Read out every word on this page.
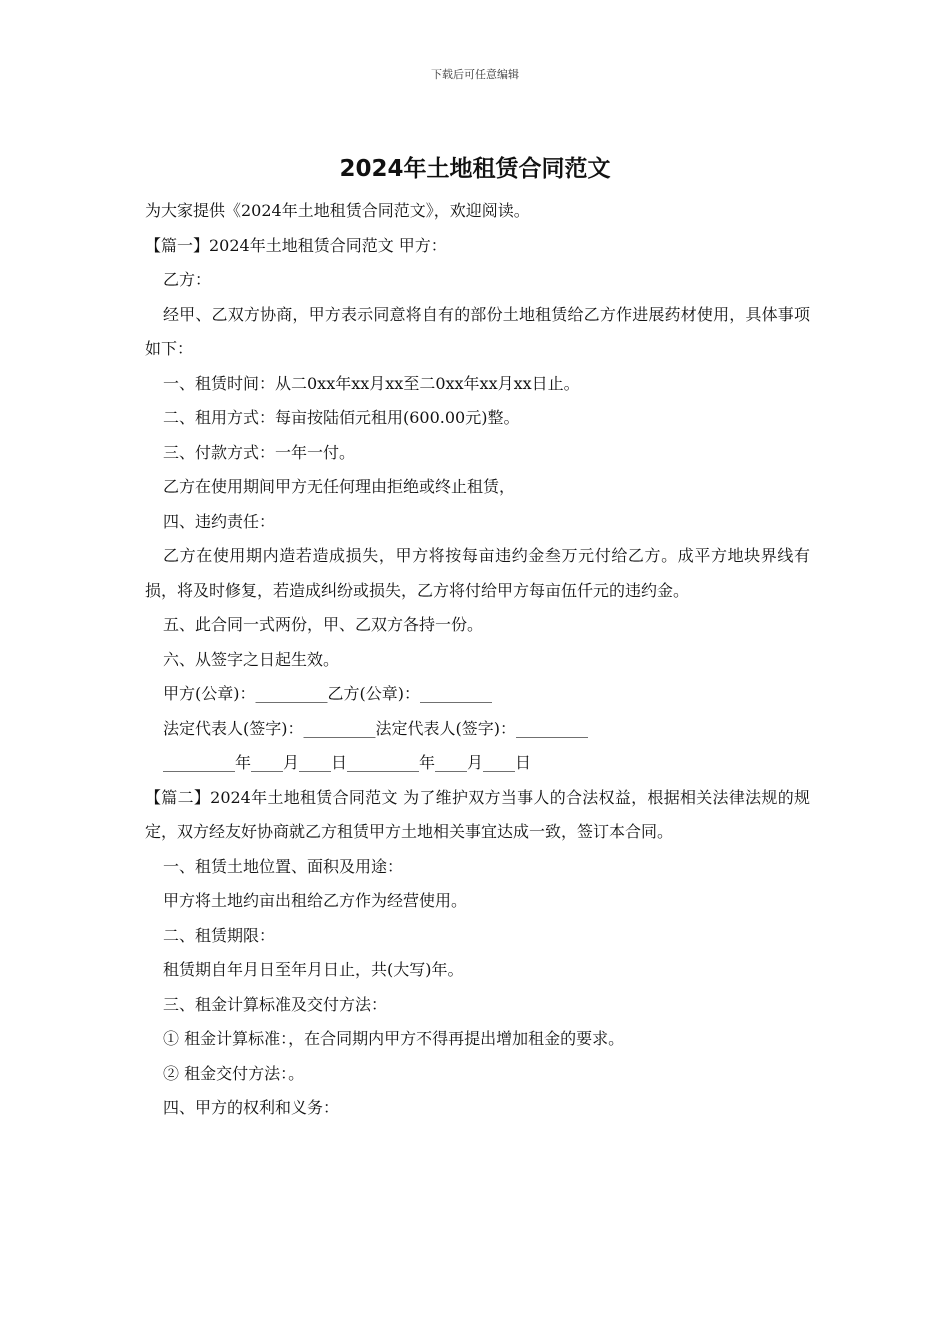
下载后可任意编辑
2024年土地租赁合同范文

为大家提供《2024年土地租赁合同范文》，欢迎阅读。

【篇一】2024年土地租赁合同范文 甲方：

乙方：

经甲、乙双方协商，甲方表示同意将自有的部份土地租赁给乙方作进展药材使用，具体事项如下：

一、租赁时间：从二0xx年xx月xx至二0xx年xx月xx日止。

二、租用方式：每亩按陆佰元租用(600.00元)整。

三、付款方式：一年一付。

乙方在使用期间甲方无任何理由拒绝或终止租赁，

四、违约责任：

乙方在使用期内造若造成损失，甲方将按每亩违约金叁万元付给乙方。成平方地块界线有损，将及时修复，若造成纠纷或损失，乙方将付给甲方每亩伍仟元的违约金。

五、此合同一式两份，甲、乙双方各持一份。

六、从签字之日起生效。

甲方(公章)：_________乙方(公章)：_________

法定代表人(签字)：_________法定代表人(签字)：_________

_________年____月____日_________年____月____日

【篇二】2024年土地租赁合同范文 为了维护双方当事人的合法权益，根据相关法律法规的规定，双方经友好协商就乙方租赁甲方土地相关事宜达成一致，签订本合同。

一、租赁土地位置、面积及用途：

甲方将土地约亩出租给乙方作为经营使用。

二、租赁期限：

租赁期自年月日至年月日止，共(大写)年。

三、租金计算标准及交付方法：

① 租金计算标准：，在合同期内甲方不得再提出增加租金的要求。

② 租金交付方法：。

四、甲方的权利和义务：
